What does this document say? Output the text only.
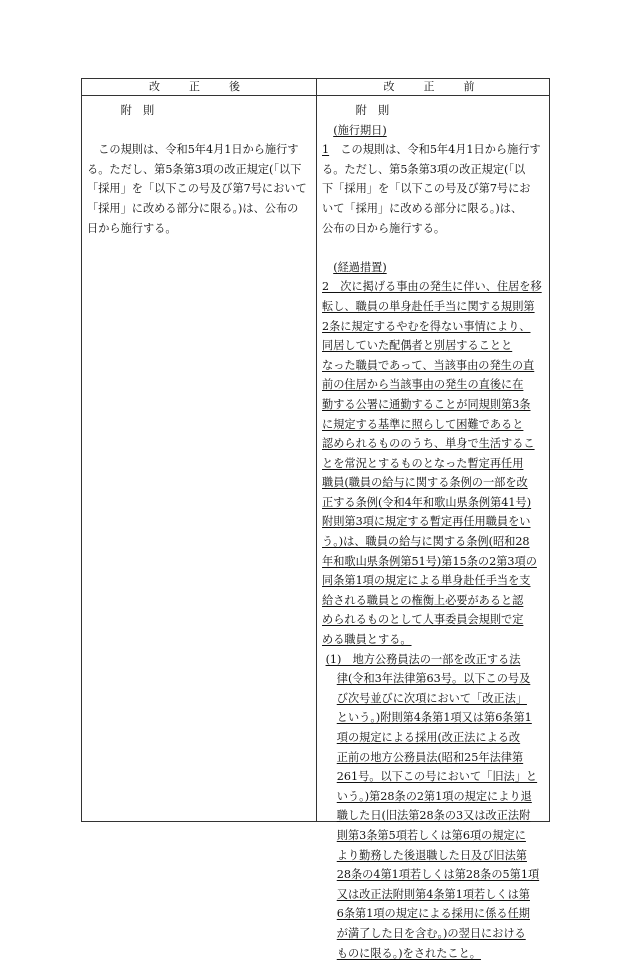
改　正　後	改　正　前
　　　附　則
　この規則は、令和5年4月1日から施行す
る。ただし、第5条第3項の改正規定(「以下
「採用」を「以下この号及び第7号において
「採用」に改める部分に限る。)は、公布の
日から施行する。
　　　附　則
　(施行期日)
1　この規則は、令和5年4月1日から施行す
る。ただし、第5条第3項の改正規定(「以
下「採用」を「以下この号及び第7号にお
いて「採用」に改める部分に限る。)は、
公布の日から施行する。
　(経過措置)
2　次に掲げる事由の発生に伴い、住居を移
転し、職員の単身赴任手当に関する規則第
2条に規定するやむを得ない事情により、
同居していた配偶者と別居することと
なった職員であって、当該事由の発生の直
前の住居から当該事由の発生の直後に在
勤する公署に通勤することが同規則第3条
に規定する基準に照らして困難であると
認められるもののうち、単身で生活するこ
とを常況とするものとなった暫定再任用
職員(職員の給与に関する条例の一部を改
正する条例(令和4年和歌山県条例第41号)
附則第3項に規定する暫定再任用職員をい
う。)は、職員の給与に関する条例(昭和28
年和歌山県条例第51号)第15条の2第3項の
同条第1項の規定による単身赴任手当を支
給される職員との権衡上必要があると認
められるものとして人事委員会規則で定
める職員とする。
(1)　地方公務員法の一部を改正する法
　 律(令和3年法律第63号。以下この号及
　 び次号並びに次項において「改正法」
　 という。)附則第4条第1項又は第6条第1
　 項の規定による採用(改正法による改
　 正前の地方公務員法(昭和25年法律第
　 261号。以下この号において「旧法」と
　 いう。)第28条の2第1項の規定により退
　 職した日(旧法第28条の3又は改正法附
　 則第3条第5項若しくは第6項の規定に
　 より勤務した後退職した日及び旧法第
　 28条の4第1項若しくは第28条の5第1項
　 又は改正法附則第4条第1項若しくは第
　 6条第1項の規定による採用に係る任期
　 が満了した日を含む。)の翌日における
　 ものに限る。)をされたこと。
